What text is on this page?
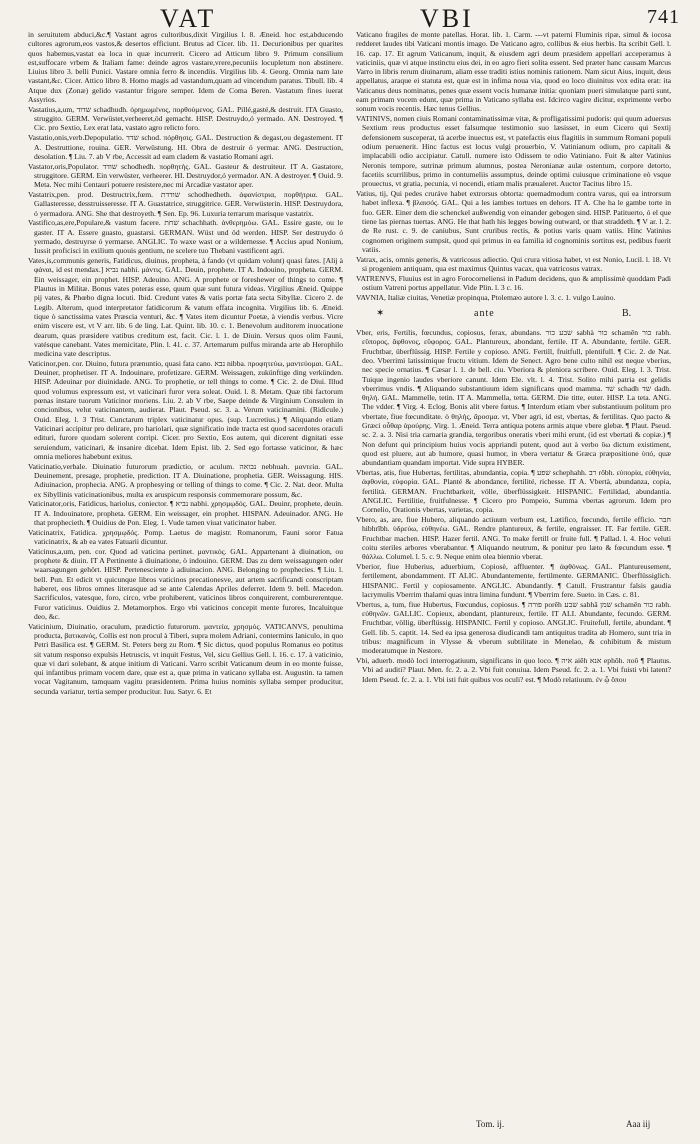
VAT	VBI	741

in seruitutem abduci,&c.¶ Vastant agros cultoribus,dixit Virgilius l. 8. Æneid. hoc est,abducendo cultores agrorum,eos vastos,& desertos efficiunt. Brutus ad Cicer. lib. 11. Decurionibus per quarites quos habemus,vastat ea loca in quæ incurrerit. Cicero ad Atticum libro 9. Primum consilium est,suffocare vrbem & Italiam fame: deinde agros vastare,vrere,pecuniis locupletum non abstinere. Liuius libro 3. belli Punici. Vastare omnia ferro & incendiis. Virgilius lib. 4. Georg. Omnia nam late vastant,&c. Cicer. Attico libro 8. Homo magis ad vastandum,quam ad vincendum paratus. Tibull. lib. 4 Atque dux (Zonæ) gelido vastantur frigore semper. Idem de Coma Beren. Vastatum fines iuerat Assyrios.

Vastatius,a,um, שדוד schadhudh. ὀρημωμένος, πορθούμενος. GAL. Pillé,gasté,& destruit. ITA Guasto, struggito. GERM. Verwüstet,verheeret,öd gemacht. HISP. Destruydo,ó yermado. AN. Destroyed. ¶ Cic. pro Sextio, Lex erat lata, vastato agro relicto foro.

Vastatio,onis,verb.Depopulatio. שדד schod. πόρθησις. GAL. Destruction & degast,ou degastement. IT A. Destruttione, rouina. GER. Verwüstung. HI. Obra de destruir ó yermar. ANG. Destruction, desolation. ¶ Liu. 7. ab V rbe, Accessit ad eam cladem & vastatio Romani agri.

Vastator,oris,Populator. שודד schodhedh. πορθητής. GAL. Gasteur & destruiteur. IT A. Gastatore, struggitore. GERM. Ein verwüster, verheerer. HI. Destruydor,ó yermador. AN. A destroyer. ¶ Ouid. 9. Meta. Nec mihi Centauri potuere resistere,nec mi Arcadiæ vastator aper.

Vastatrix,pen. prod. Destructrix,fœm. שודדת schodhedheth. ἀφανίστρια, πορθήτρια. GAL. Gallasteresse, desstruisseresse. IT A. Guastatrice, struggitrice. GER. Verwüsterin. HISP. Destruydora, ó yermadora. ANG. She that destroyeth. ¶ Sen. Ep. 96. Luxuria terrarum marisque vastatrix.

Vastifico,as,ere,Populare,& vastum facere. שחת schachhath. ἀνθερημόω. GAL. Essire gaste, ou le gaster. IT A. Essere guasto, guastarsi. GERMAN. Wüst und öd werden. HISP. Ser destruydo ó yermado, destruyrse ó yermarse. ANGLIC. To waxe wast or a wildernesse. ¶ Accius apud Nonium, Iussit proficisci in exilium quouis gentium, ne scelere tuo Thebani vastificent agri.

Vates,is,communis generis, Fatidicus, diuinus, propheta, à fando (vt quidam volunt) quasi fates. [Alij à φάναι, id est mendax.] נביא nabhi. μάντις. GAL. Deuin, prophete. IT A. Indouino, propheta. GERM. Ein weissager, ein prophet. HISP. Adeuino. ANG. A prophete or foreshewer of things to come. ¶ Plautus in Militæ. Bonus vates poteras esse, quum quæ sunt futura videas. Virgilius Æneid. Quippe pij vates, & Phœbo digna locuti. Ibid. Credunt vates & vatis portæ fata secta Sibyllæ. Cicero 2. de Legib. Alterum, quod interpretator fatidicorum & vatum effata incognita. Virgilius lib. 6. Æneid. tique ò sanctissima vates Præscia venturi, &c. ¶ Vates item dicuntur Poetæ, à viendis verbus. Vicre enim viscere est, vt V arr. lib. 6 de ling. Lat. Quint. lib. 10. c. 1. Benevolum auditorem inuocatione dearum, quas præsidere vatibus creditum est, facit. Cic. l. 1. de Diuin. Versus quos olim Fauni, vatésque canebant. Vates memicitate, Plin. l. 41. c. 37. Artemarum pulfus miranda arte ab Herophilo medicina vate descriptus.

Vaticinor,pen. cor. Diuino, futura prænuntio, quasi fata cano. נבא nibba. προφητεύω, μαντεύομαι. GAL. Deuiner, prophetiser. IT A. Indouinare, profetizare. GERM. Weissagen, zukünftige ding verkünden. HISP. Adeuinar por diuinidade. ANG. To prophetie, or tell things to come. ¶ Cic. 2. de Diui. Illud quod volumus expressum est, vt vaticinari furor vera soleat. Ouid. l. 8. Metam. Quæ tibi factorum pœnas instare tuorum Vaticinor moriens. Liu. 2. ab V rbe, Saepe deinde & Virginium Consulem in concionibus, velut vaticinantem, audierat. Plaut. Pseud. sc. 3. a. Verum vaticinamini. (Ridicule.) Ouid. Eleg. l. 3 Trist. Cunctarum triplex vaticinatur opus. (sup. Lucretius.) ¶ Aliquando etiam Vaticinari accipitur pro delirare, pro hariolari, quæ significatio inde tracta est quod sacerdotes oraculi edituri, furore quodam solerent corripi. Cicer. pro Sextio, Eos autem, qui dicerent dignitati esse seruiendum, vaticinari, & insanire dicebat. Idem Epist. lib. 2. Sed ego fortasse vaticinor, & hæc omnia meliores habebunt exitus.

Vaticinatio,verbale. Diuinatio futurorum prædictio, or aculum. נבואה nebhuah. μαντεία. GAL. Deuinement, presage, prophetie, prediction. IT A. Diuinatione, prophetia. GER. Weissagung. HIS. Adiuinacion, prophecia. ANG. A prophesying or telling of things to come. ¶ Cic. 2. Nat. deor. Multa ex Sibyllinis vaticinationibus, multa ex aruspicum responsis commemorare possum, &c.

Vaticinator,oris, Fatidicus, hariolus, coniector. ¶ נביא nabhi. χρησμῳδός. GAL. Deuinr, prophete, deuin. IT A. Indouinatore, propheta. GERM. Ein weissager, ein prophet. HISPAN. Adeuinador. ANG. He that prophecieth. ¶ Ouidius de Pon. Eleg. 1. Vude tamen viuat vaticinator haber.

Vaticinatrix, Fatidica. χρησμῳδός. Pomp. Laetus de magistr. Romanorum, Fauni soror Fatua vaticinatrix, & ab ea vates Fatuarii dicuntur.

Vaticinus,a,um, pen. cor. Quod ad vaticina pertinet. μαντικός. GAL. Appartenant à diuination, ou prophete & diuin. IT A Pertinente à diuinatione, ò indouino. GERM. Das zu dem weissagungen oder waarsagungen gehört. HISP. Pertenesciente à adiuinacion. ANG. Belonging to prophecies. ¶ Liu. l. bell. Pun. Et edicit vt quicunque libros vaticinos precationesve, aut artem sacrificandi conscriptam haberet, eos libros omnes literasque ad se ante Calendas Apriles deferret. Idem 9. bell. Macedon. Sacrificulos, vatesque, foro, circo, vrbe prohiberent, vaticinos libros conquirerent, comburerentque. Furor vaticinus. Ouidius 2. Metamorphos. Ergo vbi vaticinos concepit mente furores, Incaluitque deo, &c.

Vaticinium, Diuinatio, oraculum, prædictio futurorum. μαντεία, χρησμός. VATICANVS, penultima producta, βατικανός, Collis est non procul à Tiberi, supra molem Adriani, contermins Ianiculo, in quo Petri Basilica est. ¶ GERM. St. Peters berg zu Rom. ¶ Sic dictus, quod populus Romanus eo potitus sit vatum responso expulsis Hetruscis, vt inquit Festus, Vel, sicu Gellius Gell. l. 16. c. 17. à vaticinio, quæ vi dari solebant, & atque initium di Vaticani. Varro scribit Vaticanum deum in eo monte fuisse, qui infantibus primam vocem dare, quæ est a, quæ prima in vaticano syllaba est. Augustin. ta tamen vocat Vagitanum, tamquam vagitu præsidentem. Prima huius nominis syllaba semper producitur, secunda variatur, tertia semper producitur. Iuu. Satyr. 6. Et

Vaticano fragiles de monte patellas. Horat. lib. 1. Carm. ---vt paterni Fluminis ripæ, simul & iocosa redderet laudes tibi Vaticani montis imago. De Vaticano agro, collibus & eius herbis. Ita scribit Gell. l. 16. cap. 17. Et agrum Vaticanum, inquit, & eiusdem agri deum præsidem appellari acceperamus à vaticiniis, quæ vi atque instinctu eius dei, in eo agro fieri solita essent. Sed præter hanc causam Marcus Varro in libris rerum diuinarum, aliam esse traditi istius nominis rationem. Nam sicut Aius, inquit, deus appellatus, araque ei statuta est, quæ est in infima noua via, quod eo loco diuinitus vox edita erat: ita Vaticanus deus nominatus, penes quæ essent vocis humanæ initia: quoniam pueri simulatque parti sunt, eam primam vocem edunt, quæ prima in Vaticano syllaba est. Idcirco vagire dicitur, exprimente verbo sonum vocis recentis. Hæc tenus Gellius.

VATINIVS, nomen ciuis Romani contaminatissimæ vitæ, & profligatissimi pudoris: qui quum aduersus Sextium reus productus esset falsumque testimonio suo læsisset, in eum Cicero qui Sextij defensionem susceperat, tà acerbe inuectus est, vt patefactis eius flagitiis in summum Romani populi odium peruenerit. Hinc factus est locus vulgi prouerbio, V. Vatinianum odium, pro capitali & implacabili odio accipiatur. Catull. numere isto Odissem te odio Vatiniano. Fuit & alter Vatinius Neronis tempore, sutrinæ primum alumnus, postea Neronianæ aulæ ostentum, corpore detorto, facetiis scurrilibus, primo in contumeliis assumptus, deinde optimi cuiusque criminatione eò vsque prouectus, vt gratia, pecunia, vi nocendi, etiam malis præualeret. Auctor Tacitus libro 15.

Vatius, tij, Qui pedes cruráve habet extrorsus obtorta: quemadmodum contra varus, qui ea introrsum habet inflexa. ¶ βλαισός. GAL. Qui a les iambes tortues en dehors. IT A. Che ha le gambe torte in fuo. GER. Einer dem die schenckel außwendig von einander gebogen sind. HISP. Patituerto, ó el que tiene las piernas tuertas. ANG. He that hath his legges bowing outward, or that straddeth. ¶ V ar. l. 2. de Re rust. c. 9. de caniubus, Sunt cruribus rectis, & potius varis quam vatiis. Hinc Vatinius cognomen originem sumpsit, quod qui primus in ea familia id cognominis sortitus est, pedibus fuerit vatiis.

Vatrax, acis, omnis generis, & vatricosus adiectio. Qui crura vitiosa habet, vt est Nonio, Lucil. l. 18. Vt si progeniem antiquam, qua est maximus Quintus vacax, qua vatricosus vatrax.

VATRENVS, Fluuius est in agro Forocorneliensi in Padum decidens, quo & amplissimè quoddam Padi ostium Vatreni portus appellatur. Vide Plin. l. 3 c. 16.

VAVNIA, Italiæ ciuitas, Venetiæ propinqua, Ptolemæo autore l. 3. c. 1. vulgo Lauino.

✶	ante	B.

Vber, eris, Fertilis, fœcundus, copiosus, ferax, abundans. שבע כור sabhà כור schamên כור rabh. εὔπορος, ἄφθονος, εὔφορος. GAL. Plantureux, abondant, fertile. IT A. Abundante, fertile. GER. Fruchtbar, überflüssig. HISP. Fertile y copioso. ANG. Fertill, fruitfull, plentifull. ¶ Cic. 2. de Nat. deo. Vberrimi latissimique fructu vitium. Idem de Senect. Agro bene culto nihil est neque vberius, nec specie ornatius. ¶ Cæsar l. 1. de bell. ciu. Vberiora & pleniora scribere. Ouid. Eleg. l. 3. Trist. Tuique ingenio laudes vberiore canunt. Idem Ele. vlt. l. 4. Trist. Solito mihi patria est gelidis vberrimus vndis. ¶ Aliquando substantiuum idem significans quod mamma. שד schadh שד dadh. θηλή. GAL. Mammelle, tetin. IT A. Mammella, tetta. GERM. Die titte, euter. HISP. La teta. ANG. The vdder. ¶ Virg. 4. Eclog. Bonis alit vbere fœtus. ¶ Interdum etiam vber substantiuum politum pro vbertate, fiue fœcunditate. ὁ θηλής, ἄροσμα. vt, Vber agri, id est, vbertas, & fertilitas. Quo pacto & Græci οὖθαρ ἀρούρης. Virg. 1. Æneid. Terra antiqua potens armis atque vbere glebæ. ¶ Plaut. Pseud. sc. 2. a. 3. Nisi tria carnaria grandia, tergoribus oneratis vberi mihi erunt, (id est vbertati & copiæ.) ¶ Non defunt qui principium huius vocis appriandi putent, quod aut à verbo ὕω dictum existiment, quod est pluere, aut ab humore, quasi humor, in vbera vertatur & Græca præpositione ὑπό, quæ abundantiam quandam importat. Vide supra HYBER.

Vbertas, atis, fiue Hubertas, fertilitas, abundantia, copia. ¶ שפע schephahh. רב rôbh. εὐπορία, εὐθηνία, ἀφθονία, εὐφορία. GAL. Planté & abondance, fertilité, richesse. IT A. Vbertà, abundanza, copia, fertilità. GERMAN. Fruchtbarkeit, völle, überflüssigkeit. HISPANIC. Fertilidad, abundantia. ANGLIC. Fertilitie, fruitfulnesse. ¶ Cicero pro Pompeio, Summa vbertas agrorum. Idem pro Cornelio, Orationis vbertas, varietas, copia.

Vbero, as, are, fiue Hubero, aliquando actiuum verbum est, Lætifico, fœcundo, fertile efficio. חבר hibhrîbh. ὑδρεύω, εὐθηνέω. GAL. Rendre plantureux, & fertile, engraisser. IT. Far fertile. GER. Fruchtbar machen. HISP. Hazer fertil. ANG. To make fertill or fruite full. ¶ Pallad. l. 4. Hoc veluti coitu steriles arbores vberabantur. ¶ Aliquando neutrum, & ponitur pro læto & fœcundum esse. ¶ θάλλω. Columel. l. 5. c. 9. Neque enim olea biennio vberat.

Vberior, fiue Huberius, aduerbium, Copiosè, affluenter. ¶ ἀφθόνως. GAL. Plantureusement, fertilement, abondamment. IT ALIC. Abundantemente, fertilmente. GERMANIC. Überflüssiglich. HISPANIC. Fertil y copiosamente. ANGLIC. Abundantly. ¶ Catull. Frustrantur falsis gaudia lacrymulis Vberrim thalami quas intra limina fundunt. ¶ Vberrim fere. Sueto. in Cæs. c. 81.

Vbertus, a, tum, fiue Hubertus, Fœcundus, copiosus. ¶ פורה porêh שבע sabhâ שמן schamên כור rabh. εὐθηνῶν. GALLIC. Copieux, abondant, plantureux, fertile. IT ALI. Abundante, fecundo. GERM. Fruchtbar, völlig, überflüssig. HISPANIC. Fertil y copioso. ANGLIC. Fruitefull, fertile, abundant. ¶ Gell. lib. 5. captit. 14. Sed ea ipsa generosa diudicandi tam antiquitus tradita ab Homero, sunt tria in tribus: magnificum in Vlysse & vberum subtilitate in Menelao, & cohibitum & mistum moderatumque in Nestore.

Vbi, aduerb. modò loci interrogatiuum, significans in quo loco. ¶ איה aiêh אנא ephôh. ποῦ ¶ Plautus. Vbi ad auditi? Plaut. Men. fc. 2. a. 2. Vbi fuit conuiua. Idem Pseud. fc. 2. a. 1. Vbi fuisti vbi latent? Idem Pseud. fc. 2. a. 1. Vbi isti fuit quibus vos oculi? est. ¶ Modò relatiuum. ἐν ᾧ ὅπου

Tom. ij.	Aaa iij
